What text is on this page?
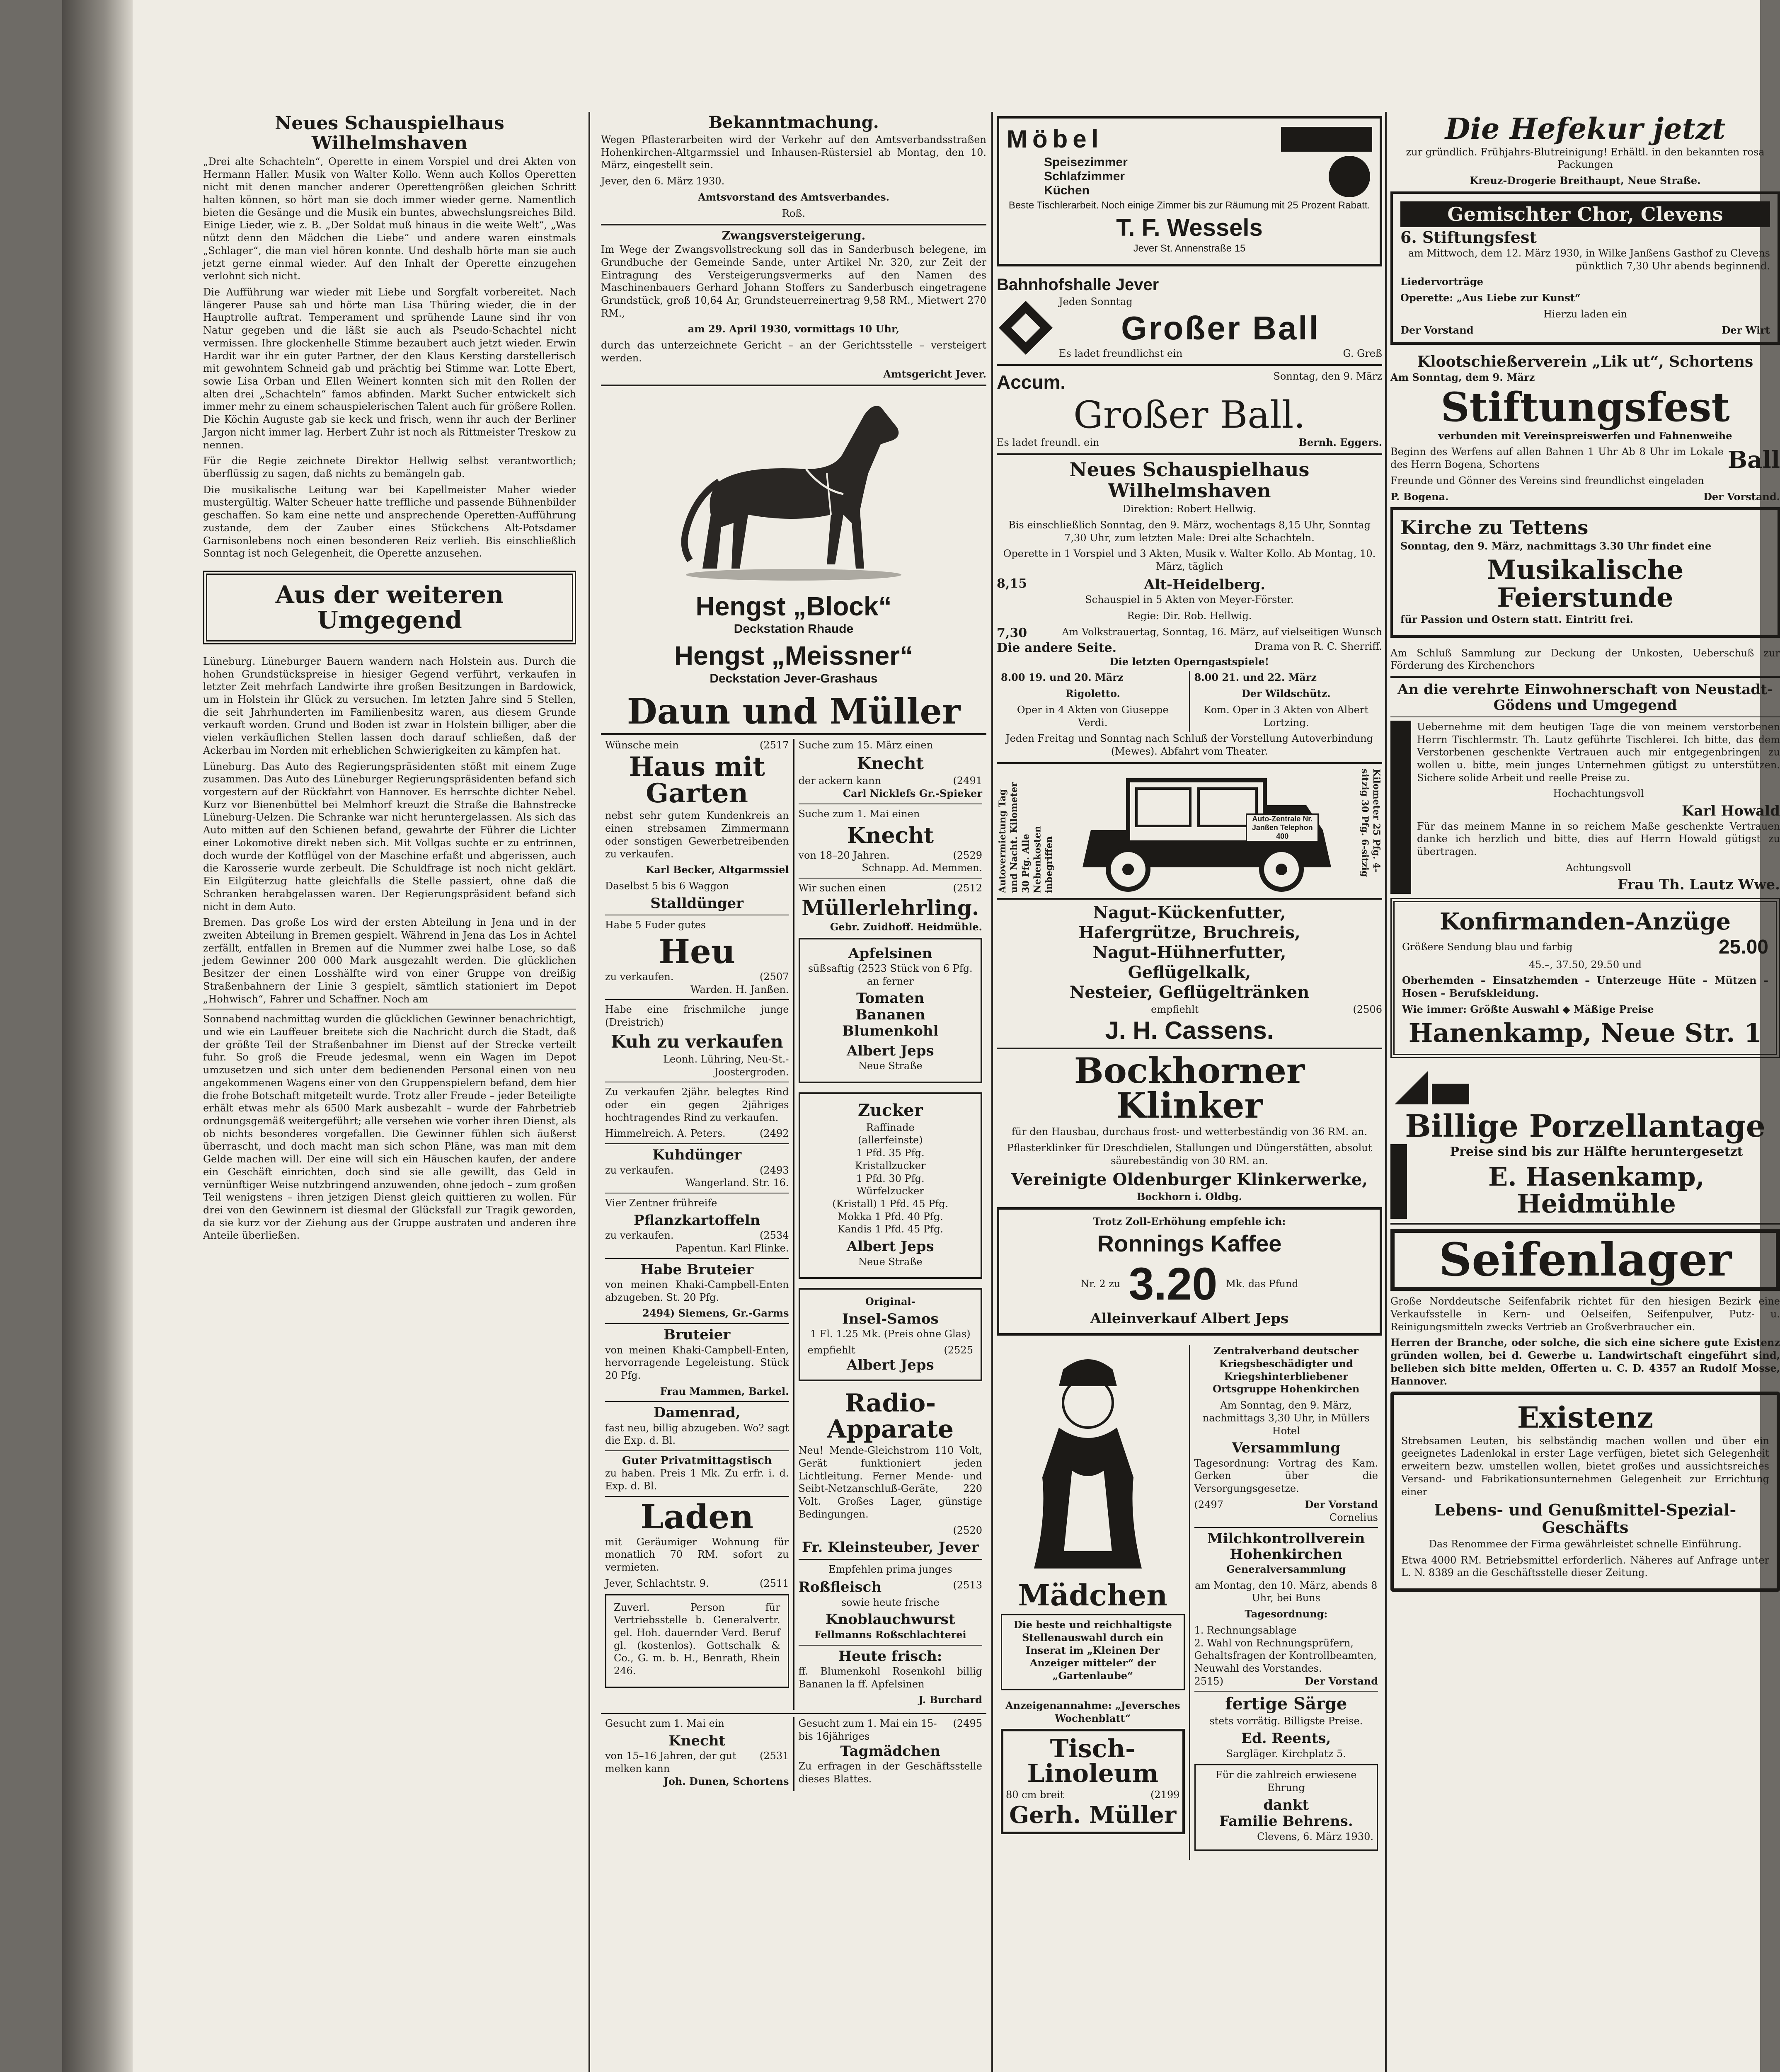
Neues Schauspielhaus Wilhelmshaven

„Drei alte Schachteln“, Operette in einem Vorspiel und drei Akten von Hermann Haller. Musik von Walter Kollo. Wenn auch Kollos Operetten nicht mit denen mancher anderer Operettengrößen gleichen Schritt halten können, so hört man sie doch immer wieder gerne. Namentlich bieten die Gesänge und die Musik ein buntes, abwechslungsreiches Bild. Einige Lieder, wie z. B. „Der Soldat muß hinaus in die weite Welt“, „Was nützt denn den Mädchen die Liebe“ und andere waren einstmals „Schlager“, die man viel hören konnte. Und deshalb hörte man sie auch jetzt gerne einmal wieder. Auf den Inhalt der Operette einzugehen verlohnt sich nicht.

Die Aufführung war wieder mit Liebe und Sorgfalt vorbereitet. Nach längerer Pause sah und hörte man Lisa Thüring wieder, die in der Hauptrolle auftrat. Temperament und sprühende Laune sind ihr von Natur gegeben und die läßt sie auch als Pseudo-Schachtel nicht vermissen. Ihre glockenhelle Stimme bezaubert auch jetzt wieder. Erwin Hardit war ihr ein guter Partner, der den Klaus Kersting darstellerisch mit gewohntem Schneid gab und prächtig bei Stimme war. Lotte Ebert, sowie Lisa Orban und Ellen Weinert konnten sich mit den Rollen der alten drei „Schachteln“ famos abfinden. Markt Sucher entwickelt sich immer mehr zu einem schauspielerischen Talent auch für größere Rollen. Die Köchin Auguste gab sie keck und frisch, wenn ihr auch der Berliner Jargon nicht immer lag. Herbert Zuhr ist noch als Rittmeister Treskow zu nennen.

Für die Regie zeichnete Direktor Hellwig selbst verantwortlich; überflüssig zu sagen, daß nichts zu bemängeln gab.

Die musikalische Leitung war bei Kapellmeister Maher wieder mustergültig. Walter Scheuer hatte treffliche und passende Bühnenbilder geschaffen. So kam eine nette und ansprechende Operetten-Aufführung zustande, dem der Zauber eines Stückchens Alt-Potsdamer Garnisonlebens noch einen besonderen Reiz verlieh. Bis einschließlich Sonntag ist noch Gelegenheit, die Operette anzusehen.

Aus der weiteren Umgegend

Lüneburg. Lüneburger Bauern wandern nach Holstein aus. Durch die hohen Grundstückspreise in hiesiger Gegend verführt, verkaufen in letzter Zeit mehrfach Landwirte ihre großen Besitzungen in Bardowick, um in Holstein ihr Glück zu versuchen. Im letzten Jahre sind 5 Stellen, die seit Jahrhunderten im Familienbesitz waren, aus diesem Grunde verkauft worden. Grund und Boden ist zwar in Holstein billiger, aber die vielen verkäuflichen Stellen lassen doch darauf schließen, daß der Ackerbau im Norden mit erheblichen Schwierigkeiten zu kämpfen hat.

Lüneburg. Das Auto des Regierungspräsidenten stößt mit einem Zuge zusammen. Das Auto des Lüneburger Regierungspräsidenten befand sich vorgestern auf der Rückfahrt von Hannover. Es herrschte dichter Nebel. Kurz vor Bienenbüttel bei Melmhorf kreuzt die Straße die Bahnstrecke Lüneburg-Uelzen. Die Schranke war nicht heruntergelassen. Als sich das Auto mitten auf den Schienen befand, gewahrte der Führer die Lichter einer Lokomotive direkt neben sich. Mit Vollgas suchte er zu entrinnen, doch wurde der Kotflügel von der Maschine erfaßt und abgerissen, auch die Karosserie wurde zerbeult. Die Schuldfrage ist noch nicht geklärt. Ein Eilgüterzug hatte gleichfalls die Stelle passiert, ohne daß die Schranken herabgelassen waren. Der Regierungspräsident befand sich nicht in dem Auto.

Bremen. Das große Los wird der ersten Abteilung in Jena und in der zweiten Abteilung in Bremen gespielt. Während in Jena das Los in Achtel zerfällt, entfallen in Bremen auf die Nummer zwei halbe Lose, so daß jedem Gewinner 200 000 Mark ausgezahlt werden. Die glücklichen Besitzer der einen Losshälfte wird von einer Gruppe von dreißig Straßenbahnern der Linie 3 gespielt, sämtlich stationiert im Depot „Hohwisch“, Fahrer und Schaffner. Noch am

Sonnabend nachmittag wurden die glücklichen Gewinner benachrichtigt, und wie ein Lauffeuer breitete sich die Nachricht durch die Stadt, daß der größte Teil der Straßenbahner im Dienst auf der Strecke verteilt fuhr. So groß die Freude jedesmal, wenn ein Wagen im Depot umzusetzen und sich unter dem bedienenden Personal einen von neu angekommenen Wagens einer von den Gruppenspielern befand, dem hier die frohe Botschaft mitgeteilt wurde. Trotz aller Freude – jeder Beteiligte erhält etwas mehr als 6500 Mark ausbezahlt – wurde der Fahrbetrieb ordnungsgemäß weitergeführt; alle versehen wie vorher ihren Dienst, als ob nichts besonderes vorgefallen. Die Gewinner fühlen sich äußerst überrascht, und doch macht man sich schon Pläne, was man mit dem Gelde machen will. Der eine will sich ein Häuschen kaufen, der andere ein Geschäft einrichten, doch sind sie alle gewillt, das Geld in vernünftiger Weise nutzbringend anzuwenden, ohne jedoch – zum großen Teil wenigstens – ihren jetzigen Dienst gleich quittieren zu wollen. Für drei von den Gewinnern ist diesmal der Glücksfall zur Tragik geworden, da sie kurz vor der Ziehung aus der Gruppe austraten und anderen ihre Anteile überließen.

Bekanntmachung.

Wegen Pflasterarbeiten wird der Verkehr auf den Amtsverbandsstraßen Hohenkirchen-Altgarmssiel und Inhausen-Rüstersiel ab Montag, den 10. März, eingestellt sein.

Jever, den 6. März 1930.

Amtsvorstand des Amtsverbandes.

Roß.

Zwangsversteigerung.

Im Wege der Zwangsvollstreckung soll das in Sanderbusch belegene, im Grundbuche der Gemeinde Sande, unter Artikel Nr. 320, zur Zeit der Eintragung des Versteigerungsvermerks auf den Namen des Maschinenbauers Gerhard Johann Stoffers zu Sanderbusch eingetragene Grundstück, groß 10,64 Ar, Grundsteuerreinertrag 9,58 RM., Mietwert 270 RM.,

am 29. April 1930, vormittags 10 Uhr,

durch das unterzeichnete Gericht – an der Gerichtsstelle – versteigert werden.

Amtsgericht Jever.

Hengst „Block“
Deckstation Rhaude
Hengst „Meissner“
Deckstation Jever-Grashaus
Daun und Müller
Wünsche mein	(2517
Haus mit Garten

nebst sehr gutem Kundenkreis an einen strebsamen Zimmermann oder sonstigen Gewerbetreibenden zu verkaufen.

Karl Becker, Altgarmssiel

Daselbst 5 bis 6 Waggon

Stalldünger

Habe 5 Fuder gutes

Heu
zu verkaufen.	(2507

Warden. H. Janßen.

Habe eine frischmilche junge (Dreistrich)

Kuh zu verkaufen

Leonh. Lühring, Neu-St.-Joostergroden.

Zu verkaufen 2jähr. belegtes Rind oder ein gegen 2jähriges hochtragendes Rind zu verkaufen.

Himmelreich. A. Peters.	(2492
Kuhdünger
zu verkaufen.	(2493

Wangerland. Str. 16.

Vier Zentner frühreife

Pflanzkartoffeln
zu verkaufen.	(2534

Papentun. Karl Flinke.

Habe Bruteier

von meinen Khaki-Campbell-Enten abzugeben. St. 20 Pfg.

2494) Siemens, Gr.-Garms

Bruteier

von meinen Khaki-Campbell-Enten, hervorragende Legeleistung. Stück 20 Pfg.

Frau Mammen, Barkel.

Damenrad,

fast neu, billig abzugeben. Wo? sagt die Exp. d. Bl.

Guter Privatmittagstisch

zu haben. Preis 1 Mk. Zu erfr. i. d. Exp. d. Bl.

Laden

mit Geräumiger Wohnung für monatlich 70 RM. sofort zu vermieten.

Jever, Schlachtstr. 9.	(2511

Zuverl. Person für Vertriebsstelle b. Generalvertr. gel. Hoh. dauernder Verd. Beruf gl. (kostenlos). Gottschalk & Co., G. m. b. H., Benrath, Rhein 246.

Suche zum 15. März einen

Knecht
der ackern kann	(2491

Carl Nicklefs Gr.-Spieker

Suche zum 1. Mai einen

Knecht
von 18–20 Jahren.	(2529

Schnapp. Ad. Memmen.

Wir suchen einen	(2512
Müllerlehrling.

Gebr. Zuidhoff. Heidmühle.

Apfelsinen

süßsaftig (2523 Stück von 6 Pfg. an ferner

Tomaten
Bananen
Blumenkohl
Albert Jeps

Neue Straße

Zucker
Raffinade
(allerfeinste)
1 Pfd. 35 Pfg.
Kristallzucker
1 Pfd. 30 Pfg.
Würfelzucker
(Kristall) 1 Pfd. 45 Pfg.
Mokka 1 Pfd. 40 Pfg.
Kandis 1 Pfd. 45 Pfg.
Albert Jeps

Neue Straße

Original-

Insel-Samos

1 Fl. 1.25 Mk. (Preis ohne Glas)

empfiehlt	(2525
Albert Jeps
Radio-Apparate

Neu! Mende-Gleichstrom 110 Volt, Gerät funktioniert jeden Lichtleitung. Ferner Mende- und Seibt-Netzanschluß-Geräte, 220 Volt. Großes Lager, günstige Bedingungen.

(2520

Fr. Kleinsteuber, Jever

Empfehlen prima junges

Roßfleisch	(2513

sowie heute frische

Knoblauchwurst

Fellmanns Roßschlachterei

Heute frisch:

ff. Blumenkohl Rosenkohl billig Bananen la ff. Apfelsinen

J. Burchard

Gesucht zum 1. Mai ein

Knecht
von 15–16 Jahren, der gut melken kann
(2531

Joh. Dunen, Schortens

Gesucht zum 1. Mai ein 15- bis 16jähriges
(2495
Tagmädchen

Zu erfragen in der Geschäftsstelle dieses Blattes.

Möbel
Speisezimmer
Schlafzimmer
Küchen

Beste Tischlerarbeit. Noch einige Zimmer bis zur Räumung mit 25 Prozent Rabatt.

T. F. Wessels

Jever St. Annenstraße 15

Bahnhofshalle Jever

Jeden Sonntag

Großer Ball
Es ladet freundlichst ein	G. Greß
Accum.	Sonntag, den 9. März
Großer Ball.
Es ladet freundl. ein	Bernh. Eggers.
Neues Schauspielhaus Wilhelmshaven

Direktion: Robert Hellwig.

Bis einschließlich Sonntag, den 9. März, wochentags 8,15 Uhr, Sonntag 7,30 Uhr, zum letzten Male: Drei alte Schachteln.

Operette in 1 Vorspiel und 3 Akten, Musik v. Walter Kollo. Ab Montag, 10. März, täglich

8,15	Alt-Heidelberg.

Schauspiel in 5 Akten von Meyer-Förster.

Regie: Dir. Rob. Hellwig.

7,30	Am Volkstrauertag, Sonntag, 16. März, auf vielseitigen Wunsch
Die andere Seite.	Drama von R. C. Sherriff.

Die letzten Operngastspiele!

8.00 19. und 20. März

Rigoletto.

Oper in 4 Akten von Giuseppe Verdi.

8.00 21. und 22. März

Der Wildschütz.

Kom. Oper in 3 Akten von Albert Lortzing.

Jeden Freitag und Sonntag nach Schluß der Vorstellung Autoverbindung (Mewes). Abfahrt vom Theater.

Autovermietung Tag und Nacht. Kilometer 30 Pfg. Alle Nebenkosten inbegriffen
Auto-Zentrale Nr. Janßen Telephon 400	Kilometer 25 Pfg. 4-sitzig 30 Pfg. 6-sitzig
Nagut-Kückenfutter,
Hafergrütze, Bruchreis,
Nagut-Hühnerfutter,
Geflügelkalk,
Nesteier, Geflügeltränken
empfiehlt	(2506
J. H. Cassens.
Bockhorner Klinker

für den Hausbau, durchaus frost- und wetterbeständig von 36 RM. an.

Pflasterklinker für Dreschdielen, Stallungen und Düngerstätten, absolut säurebeständig von 30 RM. an.

Vereinigte Oldenburger Klinkerwerke,

Bockhorn i. Oldbg.

Trotz Zoll-Erhöhung empfehle ich:

Ronnings Kaffee
Nr. 2 zu 3.20 Mk. das Pfund
Alleinverkauf Albert Jeps
Mädchen

Die beste und reichhaltigste Stellenauswahl durch ein Inserat im „Kleinen Der Anzeiger mitteler“ der „Gartenlaube“

Anzeigenannahme: „Jeversches Wochenblatt“

Tisch-Linoleum
80 cm breit	(2199
Gerh. Müller

Zentralverband deutscher Kriegsbeschädigter und Kriegshinterbliebener Ortsgruppe Hohenkirchen

Am Sonntag, den 9. März, nachmittags 3,30 Uhr, in Müllers Hotel

Versammlung

Tagesordnung: Vortrag des Kam. Gerken über die Versorgungsgesetze.

(2497	Der Vorstand

Cornelius

Milchkontrollverein Hohenkirchen

Generalversammlung

am Montag, den 10. März, abends 8 Uhr, bei Buns

Tagesordnung:

1. Rechnungsablage
2. Wahl von Rechnungsprüfern, Gehaltsfragen der Kontrollbeamten, Neuwahl des Vorstandes.
2515)	Der Vorstand
fertige Särge

stets vorrätig. Billigste Preise.

Ed. Reents,

Sargläger. Kirchplatz 5.

Für die zahlreich erwiesene Ehrung

dankt
Familie Behrens.

Clevens, 6. März 1930.

Die Hefekur jetzt

zur gründlich. Frühjahrs-Blutreinigung! Erhältl. in den bekannten rosa Packungen

Kreuz-Drogerie Breithaupt, Neue Straße.

Gemischter Chor, Clevens
6. Stiftungsfest

am Mittwoch, dem 12. März 1930, in Wilke Janßens Gasthof zu Clevens pünktlich 7,30 Uhr abends beginnend.

Liedervorträge

Operette: „Aus Liebe zur Kunst“

Hierzu laden ein

Der Vorstand	Der Wirt
Klootschießerverein „Lik ut“, Schortens

Am Sonntag, dem 9. März

Stiftungsfest

verbunden mit Vereinspreiswerfen und Fahnenweihe

Beginn des Werfens auf allen Bahnen 1 Uhr Ab 8 Uhr im Lokale des Herrn Bogena, Schortens	Ball

Freunde und Gönner des Vereins sind freundlichst eingeladen

P. Bogena.	Der Vorstand.
Kirche zu Tettens

Sonntag, den 9. März, nachmittags 3.30 Uhr findet eine

Musikalische Feierstunde

für Passion und Ostern statt. Eintritt frei.

Am Schluß Sammlung zur Deckung der Unkosten, Ueberschuß zur Förderung des Kirchenchors

An die verehrte Einwohnerschaft von Neustadt-Gödens und Umgegend

Uebernehme mit dem heutigen Tage die von meinem verstorbenen Herrn Tischlermstr. Th. Lautz geführte Tischlerei. Ich bitte, das dem Verstorbenen geschenkte Vertrauen auch mir entgegenbringen zu wollen u. bitte, mein junges Unternehmen gütigst zu unterstützen. Sichere solide Arbeit und reelle Preise zu.

Hochachtungsvoll

Karl Howald

Für das meinem Manne in so reichem Maße geschenkte Vertrauen danke ich herzlich und bitte, dies auf Herrn Howald gütigst zu übertragen.

Achtungsvoll

Frau Th. Lautz Wwe.
Konfirmanden-Anzüge
Größere Sendung blau und farbig	25.00

45.–, 37.50, 29.50 und

Oberhemden – Einsatzhemden – Unterzeuge Hüte – Mützen – Hosen – Berufskleidung.

Wie immer: Größte Auswahl ◆ Mäßige Preise

Hanenkamp, Neue Str. 1
Billige Porzellantage

Preise sind bis zur Hälfte heruntergesetzt

E. Hasenkamp, Heidmühle
Seifenlager

Große Norddeutsche Seifenfabrik richtet für den hiesigen Bezirk eine Verkaufsstelle in Kern- und Oelseifen, Seifenpulver, Putz- u. Reinigungsmitteln zwecks Vertrieb an Großverbraucher ein.

Herren der Branche, oder solche, die sich eine sichere gute Existenz gründen wollen, bei d. Gewerbe u. Landwirtschaft eingeführt sind, belieben sich bitte melden, Offerten u. C. D. 4357 an Rudolf Mosse, Hannover.

Existenz

Strebsamen Leuten, bis selbständig machen wollen und über ein geeignetes Ladenlokal in erster Lage verfügen, bietet sich Gelegenheit erweitern bezw. umstellen wollen, bietet großes und aussichtsreiches Versand- und Fabrikationsunternehmen Gelegenheit zur Errichtung einer

Lebens- und Genußmittel-Spezial-Geschäfts

Das Renommee der Firma gewährleistet schnelle Einführung.

Etwa 4000 RM. Betriebsmittel erforderlich. Näheres auf Anfrage unter L. N. 8389 an die Geschäftsstelle dieser Zeitung.
